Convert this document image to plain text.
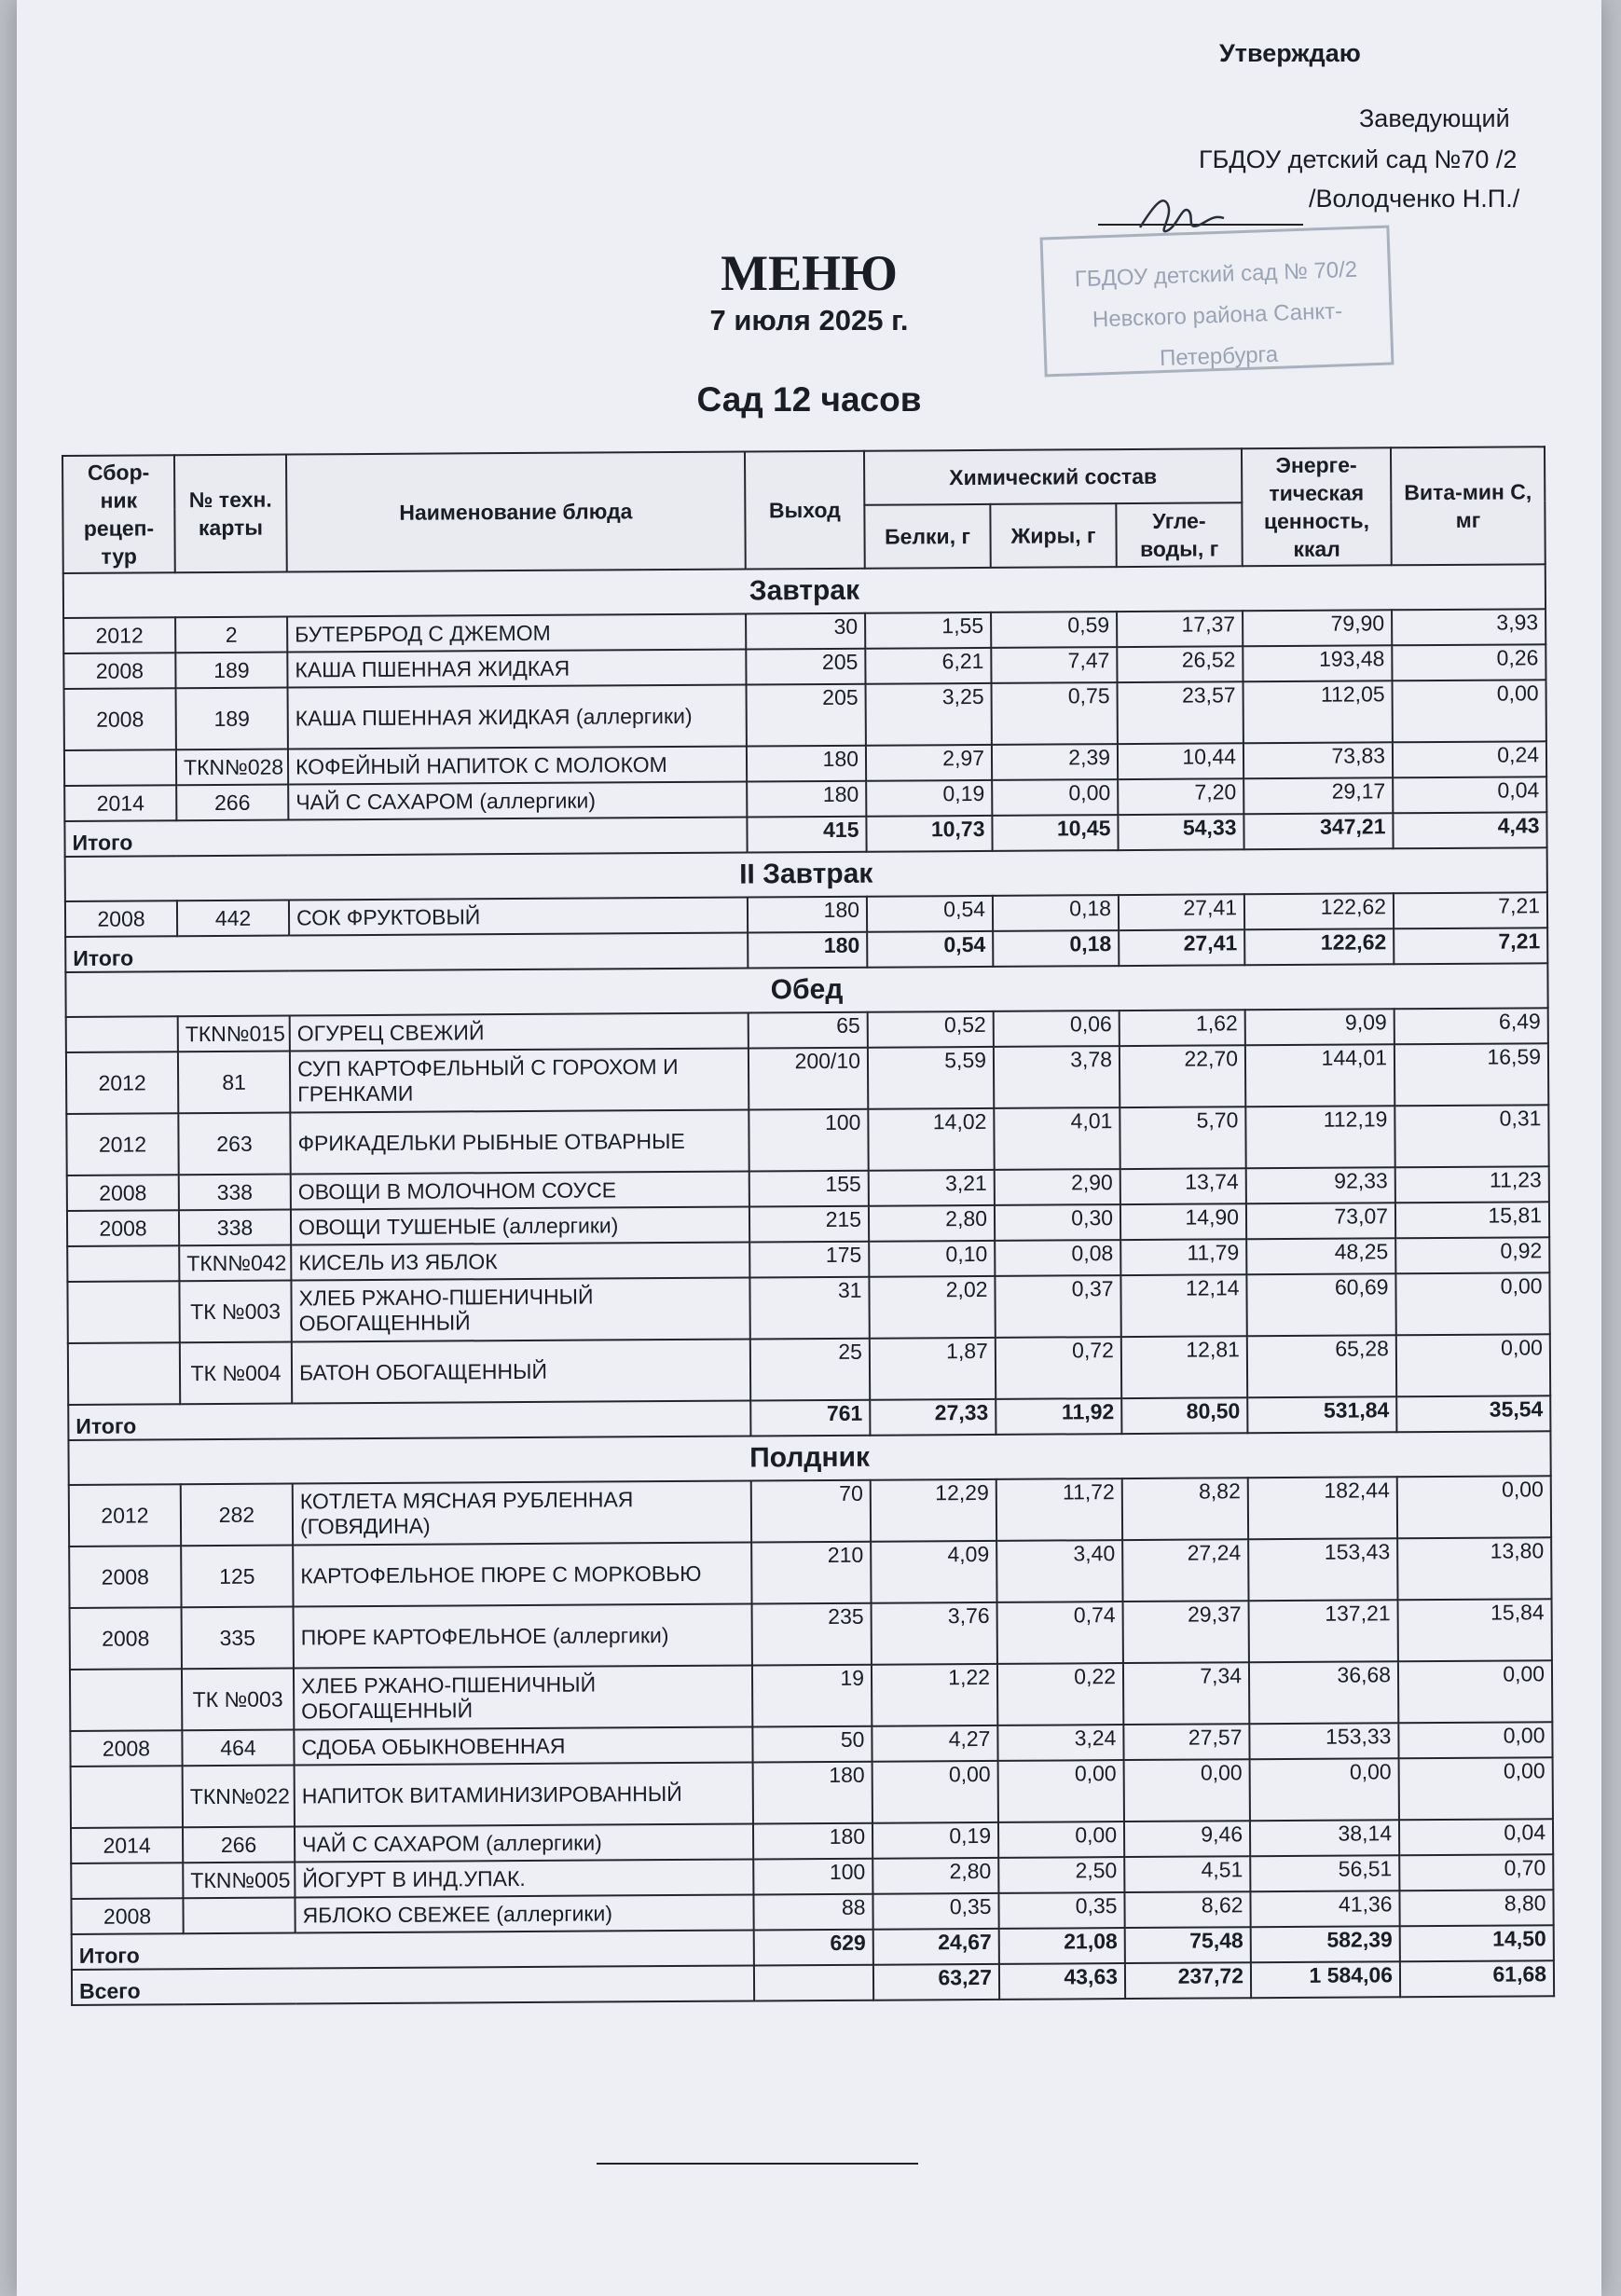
Утверждаю
Заведующий
ГБДОУ детский сад №70 /2
/Володченко Н.П./
ГБДОУ детский сад № 70/2
Невского района Санкт-Петербурга
МЕНЮ
7 июля 2025 г.
Сад 12 часов
Сбор-ник рецеп-тур	№ техн. карты	Наименование блюда	Выход	Химический состав			Энерге-тическая ценность, ккал	Вита-мин С, мг
				Белки, г	Жиры, г	Угле-воды, г		
Завтрак								
2012	2	БУТЕРБРОД С ДЖЕМОМ	30	1,55	0,59	17,37	79,90	3,93
2008	189	КАША ПШЕННАЯ ЖИДКАЯ	205	6,21	7,47	26,52	193,48	0,26
2008	189	КАША ПШЕННАЯ ЖИДКАЯ (аллергики)	205	3,25	0,75	23,57	112,05	0,00
	ТКN№028	КОФЕЙНЫЙ НАПИТОК С МОЛОКОМ	180	2,97	2,39	10,44	73,83	0,24
2014	266	ЧАЙ С САХАРОМ (аллергики)	180	0,19	0,00	7,20	29,17	0,04
Итого			415	10,73	10,45	54,33	347,21	4,43
II Завтрак								
2008	442	СОК ФРУКТОВЫЙ	180	0,54	0,18	27,41	122,62	7,21
Итого			180	0,54	0,18	27,41	122,62	7,21
Обед								
	ТКN№015	ОГУРЕЦ СВЕЖИЙ	65	0,52	0,06	1,62	9,09	6,49
2012	81	СУП КАРТОФЕЛЬНЫЙ С ГОРОХОМ И ГРЕНКАМИ	200/10	5,59	3,78	22,70	144,01	16,59
2012	263	ФРИКАДЕЛЬКИ РЫБНЫЕ ОТВАРНЫЕ	100	14,02	4,01	5,70	112,19	0,31
2008	338	ОВОЩИ В МОЛОЧНОМ СОУСЕ	155	3,21	2,90	13,74	92,33	11,23
2008	338	ОВОЩИ ТУШЕНЫЕ (аллергики)	215	2,80	0,30	14,90	73,07	15,81
	ТКN№042	КИСЕЛЬ ИЗ ЯБЛОК	175	0,10	0,08	11,79	48,25	0,92
	ТК №003	ХЛЕБ РЖАНО-ПШЕНИЧНЫЙ ОБОГАЩЕННЫЙ	31	2,02	0,37	12,14	60,69	0,00
	ТК №004	БАТОН ОБОГАЩЕННЫЙ	25	1,87	0,72	12,81	65,28	0,00
Итого			761	27,33	11,92	80,50	531,84	35,54
Полдник								
2012	282	КОТЛЕТА МЯСНАЯ РУБЛЕННАЯ (ГОВЯДИНА)	70	12,29	11,72	8,82	182,44	0,00
2008	125	КАРТОФЕЛЬНОЕ ПЮРЕ С МОРКОВЬЮ	210	4,09	3,40	27,24	153,43	13,80
2008	335	ПЮРЕ КАРТОФЕЛЬНОЕ (аллергики)	235	3,76	0,74	29,37	137,21	15,84
	ТК №003	ХЛЕБ РЖАНО-ПШЕНИЧНЫЙ ОБОГАЩЕННЫЙ	19	1,22	0,22	7,34	36,68	0,00
2008	464	СДОБА ОБЫКНОВЕННАЯ	50	4,27	3,24	27,57	153,33	0,00
	ТКN№022	НАПИТОК ВИТАМИНИЗИРОВАННЫЙ	180	0,00	0,00	0,00	0,00	0,00
2014	266	ЧАЙ С САХАРОМ (аллергики)	180	0,19	0,00	9,46	38,14	0,04
	ТКN№005	ЙОГУРТ В ИНД.УПАК.	100	2,80	2,50	4,51	56,51	0,70
2008		ЯБЛОКО СВЕЖЕЕ (аллергики)	88	0,35	0,35	8,62	41,36	8,80
Итого			629	24,67	21,08	75,48	582,39	14,50
Всего				63,27	43,63	237,72	1 584,06	61,68
